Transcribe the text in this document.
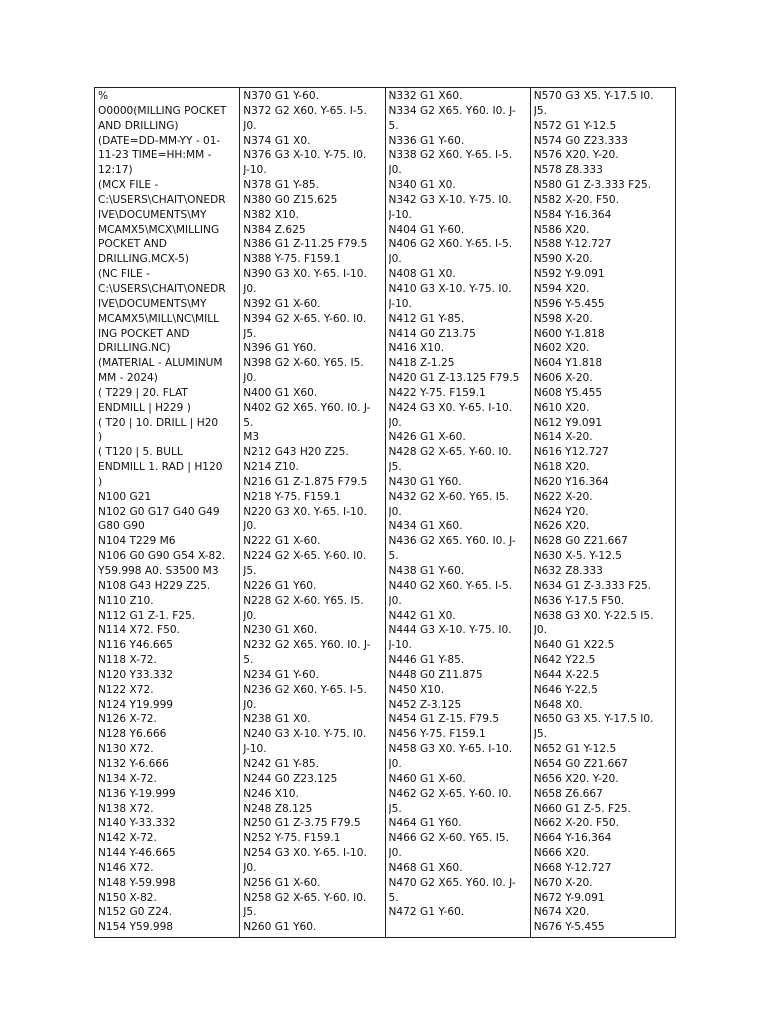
%
O0000(MILLING POCKET
AND DRILLING)
(DATE=DD-MM-YY - 01-
11-23 TIME=HH:MM -
12:17)
(MCX FILE -
C:\USERS\CHAIT\ONEDR
IVE\DOCUMENTS\MY
MCAMX5\MCX\MILLING
POCKET AND
DRILLING.MCX-5)
(NC FILE -
C:\USERS\CHAIT\ONEDR
IVE\DOCUMENTS\MY
MCAMX5\MILL\NC\MILL
ING POCKET AND
DRILLING.NC)
(MATERIAL - ALUMINUM
MM - 2024)
( T229 | 20. FLAT
ENDMILL | H229 )
( T20 | 10. DRILL | H20
)
( T120 | 5. BULL
ENDMILL 1. RAD | H120
)
N100 G21
N102 G0 G17 G40 G49
G80 G90
N104 T229 M6
N106 G0 G90 G54 X-82.
Y59.998 A0. S3500 M3
N108 G43 H229 Z25.
N110 Z10.
N112 G1 Z-1. F25.
N114 X72. F50.
N116 Y46.665
N118 X-72.
N120 Y33.332
N122 X72.
N124 Y19.999
N126 X-72.
N128 Y6.666
N130 X72.
N132 Y-6.666
N134 X-72.
N136 Y-19.999
N138 X72.
N140 Y-33.332
N142 X-72.
N144 Y-46.665
N146 X72.
N148 Y-59.998
N150 X-82.
N152 G0 Z24.
N154 Y59.998

N370 G1 Y-60.
N372 G2 X60. Y-65. I-5.
J0.
N374 G1 X0.
N376 G3 X-10. Y-75. I0.
J-10.
N378 G1 Y-85.
N380 G0 Z15.625
N382 X10.
N384 Z.625
N386 G1 Z-11.25 F79.5
N388 Y-75. F159.1
N390 G3 X0. Y-65. I-10.
J0.
N392 G1 X-60.
N394 G2 X-65. Y-60. I0.
J5.
N396 G1 Y60.
N398 G2 X-60. Y65. I5.
J0.
N400 G1 X60.
N402 G2 X65. Y60. I0. J-
5.
M3
N212 G43 H20 Z25.
N214 Z10.
N216 G1 Z-1.875 F79.5
N218 Y-75. F159.1
N220 G3 X0. Y-65. I-10.
J0.
N222 G1 X-60.
N224 G2 X-65. Y-60. I0.
J5.
N226 G1 Y60.
N228 G2 X-60. Y65. I5.
J0.
N230 G1 X60.
N232 G2 X65. Y60. I0. J-
5.
N234 G1 Y-60.
N236 G2 X60. Y-65. I-5.
J0.
N238 G1 X0.
N240 G3 X-10. Y-75. I0.
J-10.
N242 G1 Y-85.
N244 G0 Z23.125
N246 X10.
N248 Z8.125
N250 G1 Z-3.75 F79.5
N252 Y-75. F159.1
N254 G3 X0. Y-65. I-10.
J0.
N256 G1 X-60.
N258 G2 X-65. Y-60. I0.
J5.
N260 G1 Y60.

N332 G1 X60.
N334 G2 X65. Y60. I0. J-
5.
N336 G1 Y-60.
N338 G2 X60. Y-65. I-5.
J0.
N340 G1 X0.
N342 G3 X-10. Y-75. I0.
J-10.
N404 G1 Y-60.
N406 G2 X60. Y-65. I-5.
J0.
N408 G1 X0.
N410 G3 X-10. Y-75. I0.
J-10.
N412 G1 Y-85.
N414 G0 Z13.75
N416 X10.
N418 Z-1.25
N420 G1 Z-13.125 F79.5
N422 Y-75. F159.1
N424 G3 X0. Y-65. I-10.
J0.
N426 G1 X-60.
N428 G2 X-65. Y-60. I0.
J5.
N430 G1 Y60.
N432 G2 X-60. Y65. I5.
J0.
N434 G1 X60.
N436 G2 X65. Y60. I0. J-
5.
N438 G1 Y-60.
N440 G2 X60. Y-65. I-5.
J0.
N442 G1 X0.
N444 G3 X-10. Y-75. I0.
J-10.
N446 G1 Y-85.
N448 G0 Z11.875
N450 X10.
N452 Z-3.125
N454 G1 Z-15. F79.5
N456 Y-75. F159.1
N458 G3 X0. Y-65. I-10.
J0.
N460 G1 X-60.
N462 G2 X-65. Y-60. I0.
J5.
N464 G1 Y60.
N466 G2 X-60. Y65. I5.
J0.
N468 G1 X60.
N470 G2 X65. Y60. I0. J-
5.
N472 G1 Y-60.

N570 G3 X5. Y-17.5 I0.
J5.
N572 G1 Y-12.5
N574 G0 Z23.333
N576 X20. Y-20.
N578 Z8.333
N580 G1 Z-3.333 F25.
N582 X-20. F50.
N584 Y-16.364
N586 X20.
N588 Y-12.727
N590 X-20.
N592 Y-9.091
N594 X20.
N596 Y-5.455
N598 X-20.
N600 Y-1.818
N602 X20.
N604 Y1.818
N606 X-20.
N608 Y5.455
N610 X20.
N612 Y9.091
N614 X-20.
N616 Y12.727
N618 X20.
N620 Y16.364
N622 X-20.
N624 Y20.
N626 X20.
N628 G0 Z21.667
N630 X-5. Y-12.5
N632 Z8.333
N634 G1 Z-3.333 F25.
N636 Y-17.5 F50.
N638 G3 X0. Y-22.5 I5.
J0.
N640 G1 X22.5
N642 Y22.5
N644 X-22.5
N646 Y-22.5
N648 X0.
N650 G3 X5. Y-17.5 I0.
J5.
N652 G1 Y-12.5
N654 G0 Z21.667
N656 X20. Y-20.
N658 Z6.667
N660 G1 Z-5. F25.
N662 X-20. F50.
N664 Y-16.364
N666 X20.
N668 Y-12.727
N670 X-20.
N672 Y-9.091
N674 X20.
N676 Y-5.455
